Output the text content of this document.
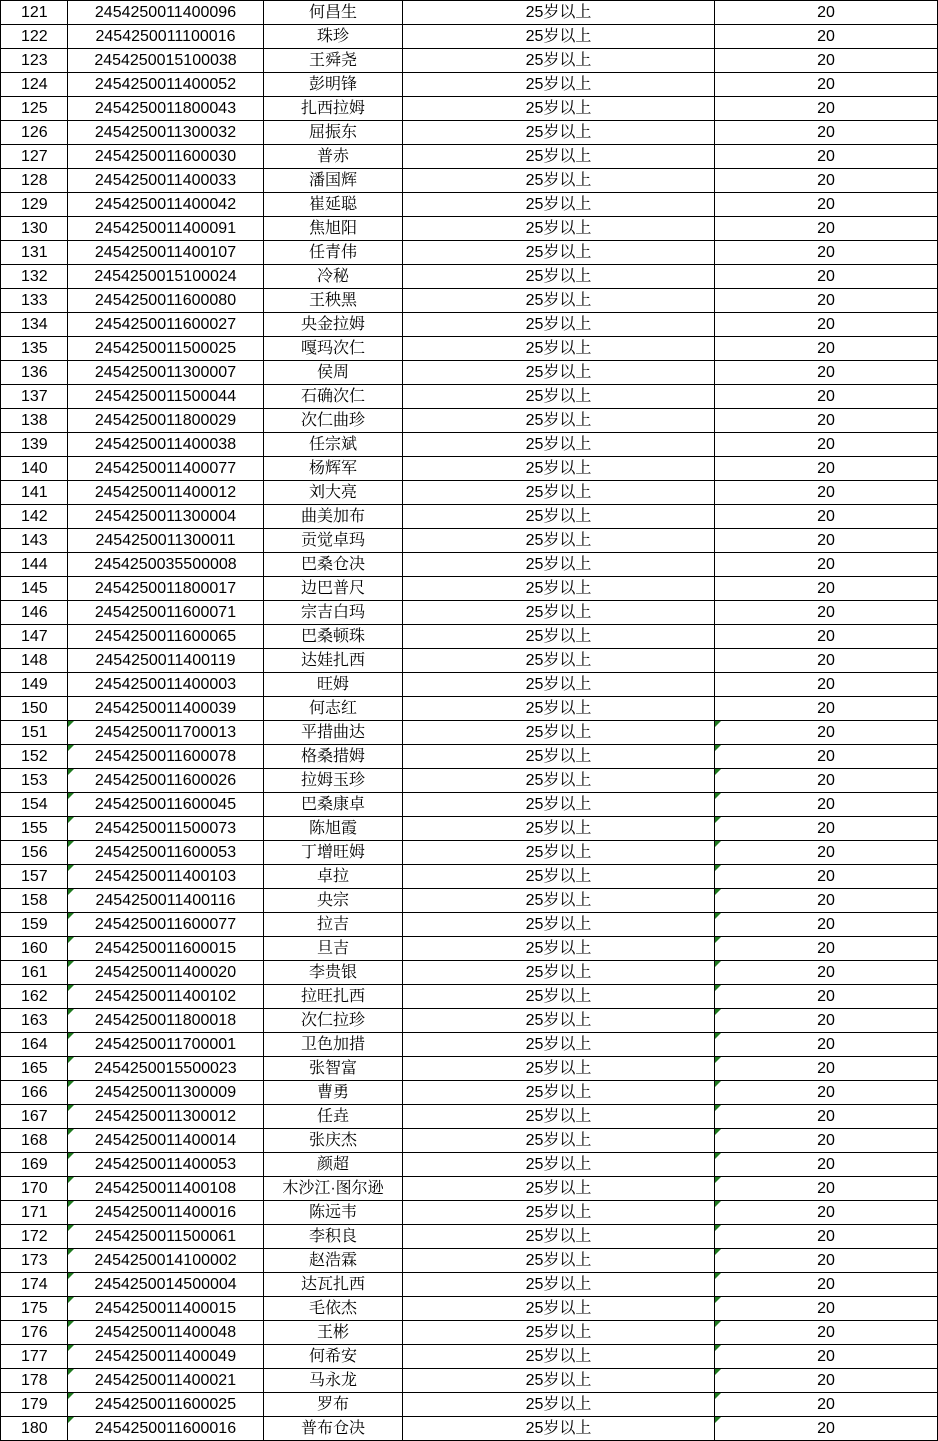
121	2454250011400096	何昌生	25岁以上	20
122	2454250011100016	珠珍	25岁以上	20
123	2454250015100038	王舜尧	25岁以上	20
124	2454250011400052	彭明锋	25岁以上	20
125	2454250011800043	扎西拉姆	25岁以上	20
126	2454250011300032	屈振东	25岁以上	20
127	2454250011600030	普赤	25岁以上	20
128	2454250011400033	潘国辉	25岁以上	20
129	2454250011400042	崔延聪	25岁以上	20
130	2454250011400091	焦旭阳	25岁以上	20
131	2454250011400107	任青伟	25岁以上	20
132	2454250015100024	冷秘	25岁以上	20
133	2454250011600080	王秧黑	25岁以上	20
134	2454250011600027	央金拉姆	25岁以上	20
135	2454250011500025	嘎玛次仁	25岁以上	20
136	2454250011300007	侯周	25岁以上	20
137	2454250011500044	石确次仁	25岁以上	20
138	2454250011800029	次仁曲珍	25岁以上	20
139	2454250011400038	任宗斌	25岁以上	20
140	2454250011400077	杨辉军	25岁以上	20
141	2454250011400012	刘大亮	25岁以上	20
142	2454250011300004	曲美加布	25岁以上	20
143	2454250011300011	贡觉卓玛	25岁以上	20
144	2454250035500008	巴桑仓决	25岁以上	20
145	2454250011800017	边巴普尺	25岁以上	20
146	2454250011600071	宗吉白玛	25岁以上	20
147	2454250011600065	巴桑顿珠	25岁以上	20
148	2454250011400119	达娃扎西	25岁以上	20
149	2454250011400003	旺姆	25岁以上	20
150	2454250011400039	何志红	25岁以上	20
151	2454250011700013	平措曲达	25岁以上	20
152	2454250011600078	格桑措姆	25岁以上	20
153	2454250011600026	拉姆玉珍	25岁以上	20
154	2454250011600045	巴桑康卓	25岁以上	20
155	2454250011500073	陈旭霞	25岁以上	20
156	2454250011600053	丁增旺姆	25岁以上	20
157	2454250011400103	卓拉	25岁以上	20
158	2454250011400116	央宗	25岁以上	20
159	2454250011600077	拉吉	25岁以上	20
160	2454250011600015	旦吉	25岁以上	20
161	2454250011400020	李贵银	25岁以上	20
162	2454250011400102	拉旺扎西	25岁以上	20
163	2454250011800018	次仁拉珍	25岁以上	20
164	2454250011700001	卫色加措	25岁以上	20
165	2454250015500023	张智富	25岁以上	20
166	2454250011300009	曹勇	25岁以上	20
167	2454250011300012	任垚	25岁以上	20
168	2454250011400014	张庆杰	25岁以上	20
169	2454250011400053	颜超	25岁以上	20
170	2454250011400108	木沙江·图尔逊	25岁以上	20
171	2454250011400016	陈远韦	25岁以上	20
172	2454250011500061	李积良	25岁以上	20
173	2454250014100002	赵浩霖	25岁以上	20
174	2454250014500004	达瓦扎西	25岁以上	20
175	2454250011400015	毛依杰	25岁以上	20
176	2454250011400048	王彬	25岁以上	20
177	2454250011400049	何希安	25岁以上	20
178	2454250011400021	马永龙	25岁以上	20
179	2454250011600025	罗布	25岁以上	20
180	2454250011600016	普布仓决	25岁以上	20
